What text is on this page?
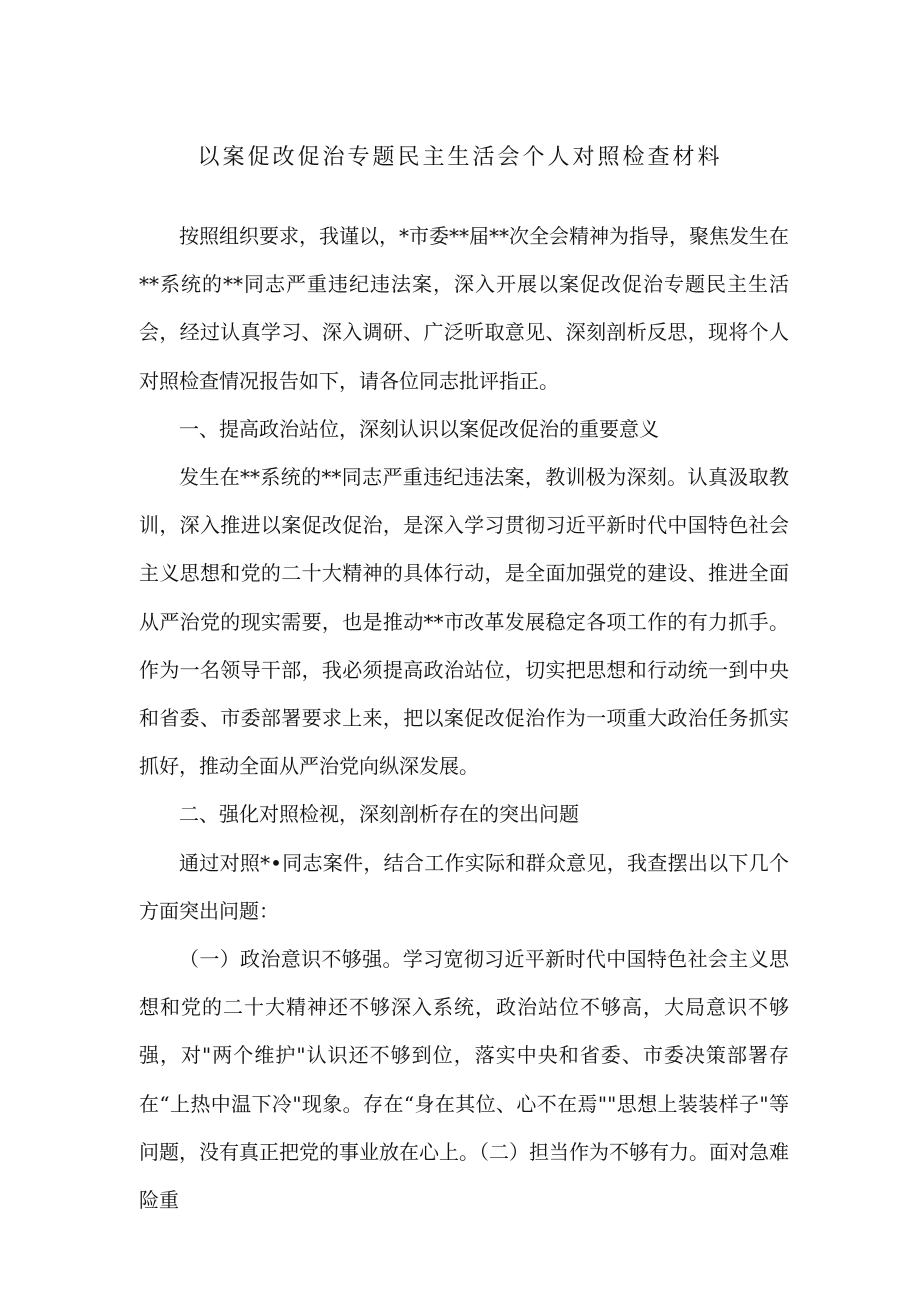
以案促改促治专题民主生活会个人对照检查材料

按照组织要求，我谨以，*市委**届**次全会精神为指导，聚焦发生在**系统的**同志严重违纪违法案，深入开展以案促改促治专题民主生活会，经过认真学习、深入调研、广泛听取意见、深刻剖析反思，现将个人对照检查情况报告如下，请各位同志批评指正。

一、提高政治站位，深刻认识以案促改促治的重要意义

发生在**系统的**同志严重违纪违法案，教训极为深刻。认真汲取教训，深入推进以案促改促治，是深入学习贯彻习近平新时代中国特色社会主义思想和党的二十大精神的具体行动，是全面加强党的建设、推进全面从严治党的现实需要，也是推动**市改革发展稳定各项工作的有力抓手。作为一名领导干部，我必须提高政治站位，切实把思想和行动统一到中央和省委、市委部署要求上来，把以案促改促治作为一项重大政治任务抓实抓好，推动全面从严治党向纵深发展。

二、强化对照检视，深刻剖析存在的突出问题

通过对照*•同志案件，结合工作实际和群众意见，我查摆出以下几个方面突出问题：

（一）政治意识不够强。学习宽彻习近平新时代中国特色社会主义思想和党的二十大精神还不够深入系统，政治站位不够高，大局意识不够强，对"两个维护"认识还不够到位，落实中央和省委、市委决策部署存在“上热中温下冷"现象。存在“身在其位、心不在焉""思想上装装样子"等问题，没有真正把党的事业放在心上。（二）担当作为不够有力。面对急难险重
